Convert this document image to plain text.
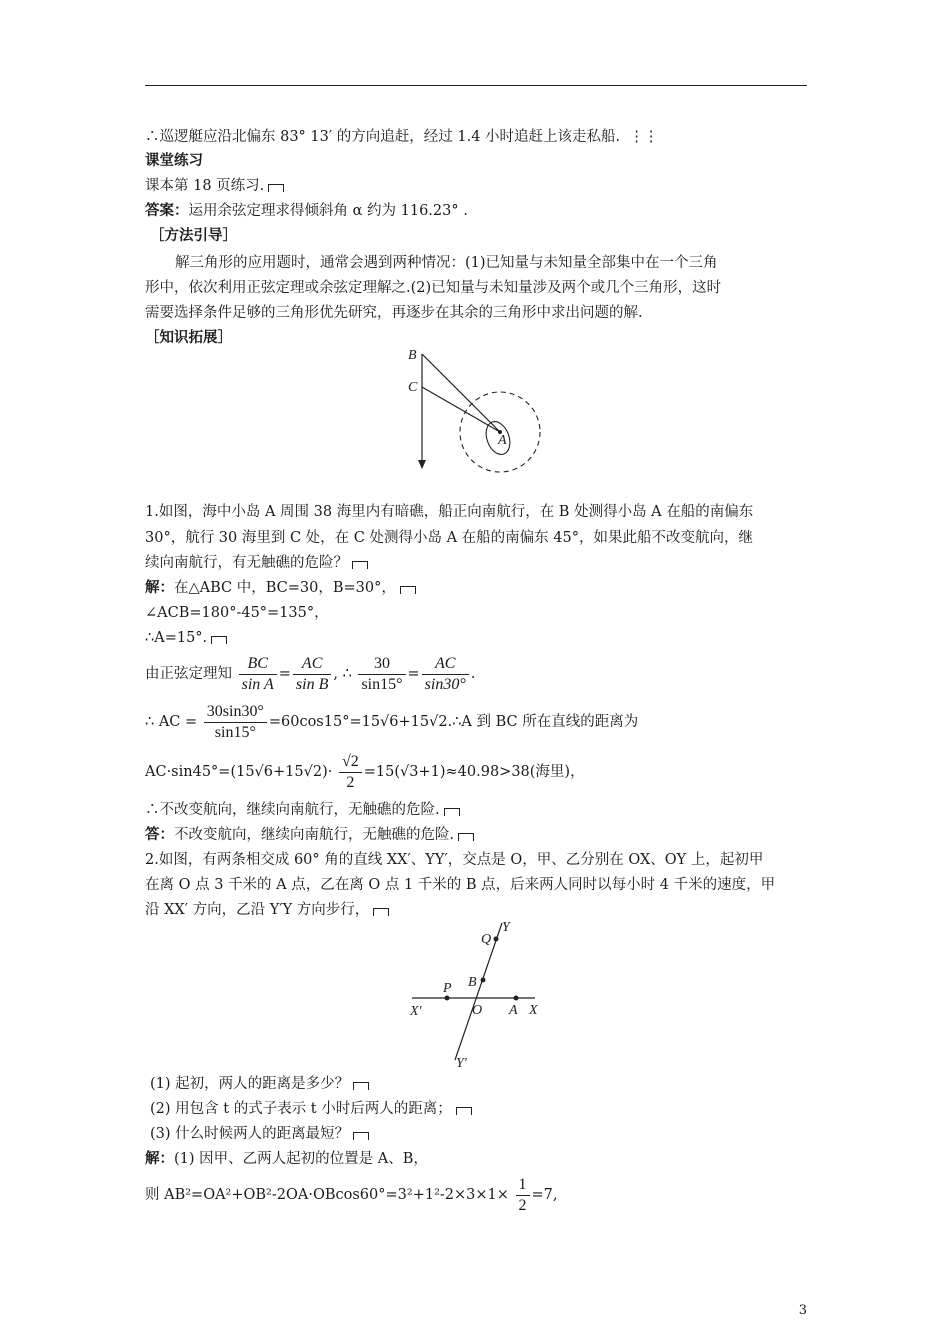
∴巡逻艇应沿北偏东 83° 13′ 的方向追赶，经过 1.4 小时追赶上该走私船. ⋮⋮
课堂练习
课本第 18 页练习.
答案：运用余弦定理求得倾斜角 α 约为 116.23° .
［方法引导］
解三角形的应用题时，通常会遇到两种情况：(1)已知量与未知量全部集中在一个三角
形中，依次利用正弦定理或余弦定理解之.(2)已知量与未知量涉及两个或几个三角形，这时
需要选择条件足够的三角形优先研究，再逐步在其余的三角形中求出问题的解.
［知识拓展］
B
C
A
1.如图，海中小岛 A 周围 38 海里内有暗礁，船正向南航行，在 B 处测得小岛 A 在船的南偏东
30°，航行 30 海里到 C 处，在 C 处测得小岛 A 在船的南偏东 45°，如果此船不改变航向，继
续向南航行，有无触礁的危险？
解：在△ABC 中，BC=30，B=30°，
∠ACB=180°-45°=135°，
∴A=15°.
由正弦定理知 $\frac{BC}{\text{sin A}} = \frac{AC}{\text{sin B}}$ , ∴ $\frac{30}{\sin 15^\circ} = \frac{AC}{\sin 30^\circ}$ .
∴ AC = $\frac{30\sin 30^\circ}{\sin 15^\circ}$ =60cos15°=15√6+15√2.∴A 到 BC 所在直线的距离为
$AC\cdot\sin 45^\circ=(15√6+15√2)\cdot \frac{√2}{2} =15(√3+1)\approx 40.98>38$(海里)，
∴不改变航向，继续向南航行，无触礁的危险.
答：不改变航向，继续向南航行，无触礁的危险.
2.如图，有两条相交成 60° 角的直线 XX′、YY′，交点是 O，甲、乙分别在 OX、OY 上，起初甲
在离 O 点 3 千米的 A 点，乙在离 O 点 1 千米的 B 点，后来两人同时以每小时 4 千米的速度，甲
沿 XX′ 方向，乙沿 Y′Y 方向步行，
Y
Q
B
P
X′	O A X
Y′
(1) 起初，两人的距离是多少？
(2) 用包含 t 的式子表示 t 小时后两人的距离；
(3) 什么时候两人的距离最短？
解：(1) 因甲、乙两人起初的位置是 A、B，
则 $AB^2=OA^2+OB^2-2OA\cdot OBcos60^\circ=3^2+1^2-2\times 3\times 1\times \frac{1}{2} =7$,
3
